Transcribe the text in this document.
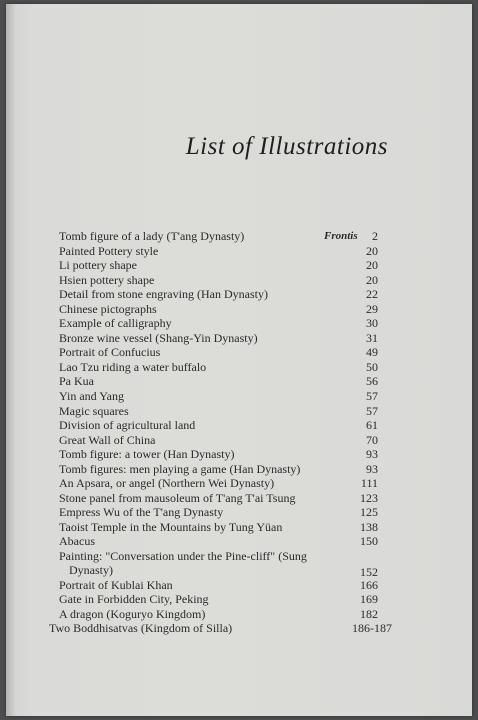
List of Illustrations
Tomb figure of a lady (T'ang Dynasty)	Frontis 2
Painted Pottery style	20
Li pottery shape	20
Hsien pottery shape	20
Detail from stone engraving (Han Dynasty)	22
Chinese pictographs	29
Example of calligraphy	30
Bronze wine vessel (Shang-Yin Dynasty)	31
Portrait of Confucius	49
Lao Tzu riding a water buffalo	50
Pa Kua	56
Yin and Yang	57
Magic squares	57
Division of agricultural land	61
Great Wall of China	70
Tomb figure: a tower (Han Dynasty)	93
Tomb figures: men playing a game (Han Dynasty)	93
An Apsara, or angel (Northern Wei Dynasty)	111
Stone panel from mausoleum of T'ang T'ai Tsung	123
Empress Wu of the T'ang Dynasty	125
Taoist Temple in the Mountains by Tung Yüan	138
Abacus	150
Painting: "Conversation under the Pine-cliff" (Sung
Dynasty)	152
Portrait of Kublai Khan	166
Gate in Forbidden City, Peking	169
A dragon (Koguryo Kingdom)	182
Two Boddhisatvas (Kingdom of Silla)	186-187
